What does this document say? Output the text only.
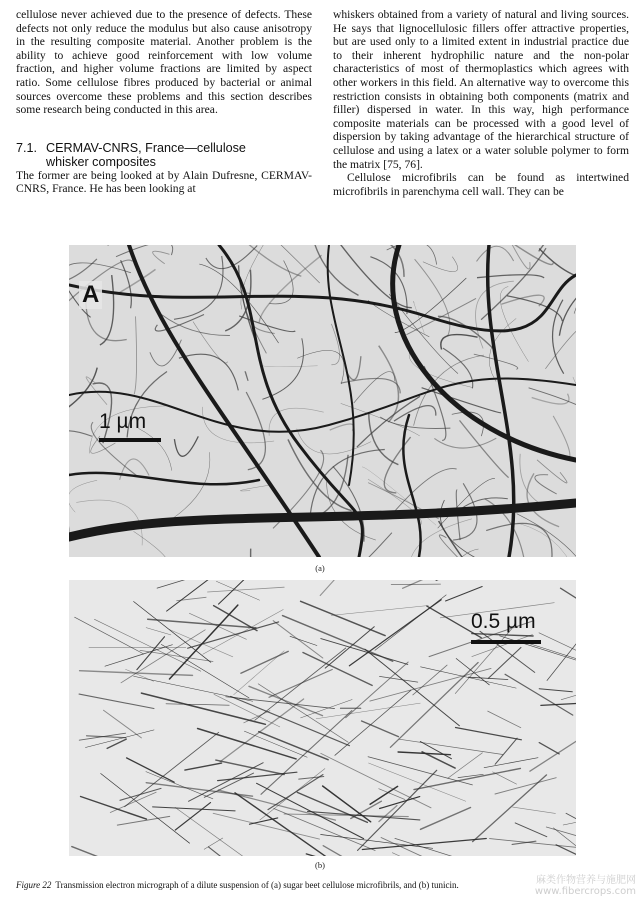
cellulose never achieved due to the presence of defects. These defects not only reduce the modulus but also cause anisotropy in the resulting composite material. Another problem is the ability to achieve good reinforcement with low volume fraction, and higher volume fractions are limited by aspect ratio. Some cellulose fibres produced by bacterial or animal sources overcome these problems and this section describes some research being conducted in this area.

7.1. CERMAV-CNRS, France—cellulose
whisker composites

The former are being looked at by Alain Dufresne, CERMAV-CNRS, France. He has been looking at

whiskers obtained from a variety of natural and living sources. He says that lignocellulosic fillers offer attractive properties, but are used only to a limited extent in industrial practice due to their inherent hydrophilic nature and the non-polar characteristics of most of thermoplastics which agrees with other workers in this field. An alternative way to overcome this restriction consists in obtaining both components (matrix and filler) dispersed in water. In this way, high performance composite materials can be processed with a good level of dispersion by taking advantage of the hierarchical structure of cellulose and using a latex or a water soluble polymer to form the matrix [75, 76].

Cellulose microfibrils can be found as intertwined microfibrils in parenchyma cell wall. They can be

A
1 µm
(a)
0.5 µm
(b)
Figure 22 Transmission electron micrograph of a dilute suspension of (a) sugar beet cellulose microfibrils, and (b) tunicin.	麻类作物营养与施肥网
www.fibercrops.com
